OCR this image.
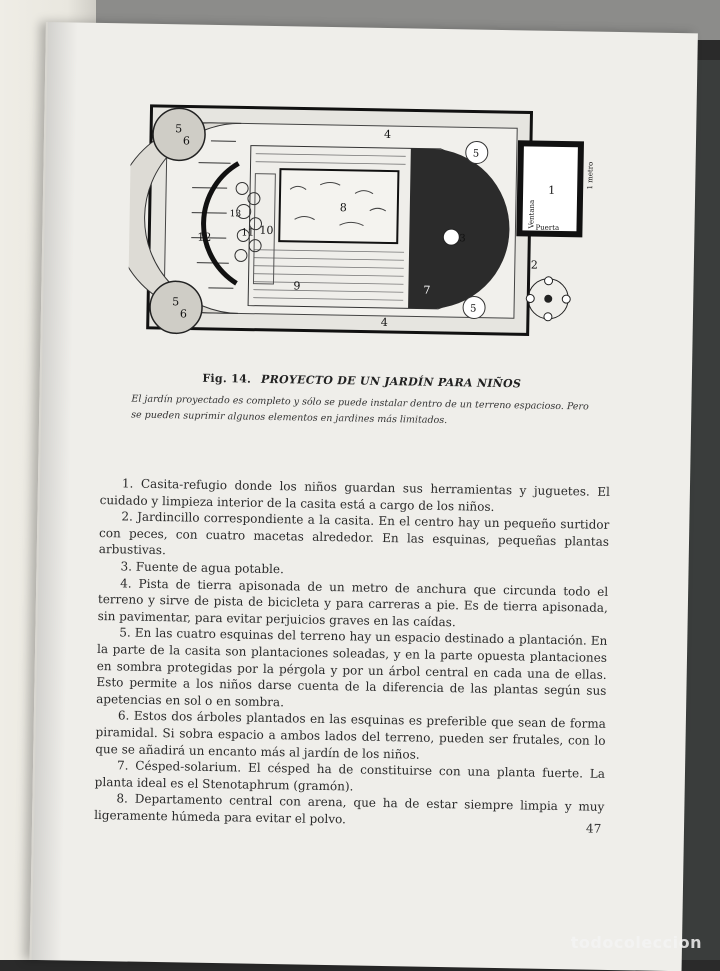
5
6
5
6
4
4
5
5
1
2
3
7
8
9
10
11
12
13	Ventana
1 metro
Puerta
Fig. 14. PROYECTO DE UN JARDÍN PARA NIÑOS
El jardín proyectado es completo y sólo se puede instalar dentro de un terreno espacioso. Pero se pueden suprimir algunos elementos en jardines más limitados.

1. Casita-refugio donde los niños guardan sus herramientas y juguetes. El cuidado y limpieza interior de la casita está a cargo de los niños.

2. Jardincillo correspondiente a la casita. En el centro hay un pequeño surtidor con peces, con cuatro macetas alrededor. En las esquinas, pequeñas plantas arbustivas.

3. Fuente de agua potable.

4. Pista de tierra apisonada de un metro de anchura que circunda todo el terreno y sirve de pista de bicicleta y para carreras a pie. Es de tierra apisonada, sin pavimentar, para evitar perjuicios graves en las caídas.

5. En las cuatro esquinas del terreno hay un espacio destinado a plantación. En la parte de la casita son plantaciones soleadas, y en la parte opuesta plantaciones en sombra protegidas por la pérgola y por un árbol central en cada una de ellas. Esto permite a los niños darse cuenta de la diferencia de las plantas según sus apetencias en sol o en sombra.

6. Estos dos árboles plantados en las esquinas es preferible que sean de forma piramidal. Si sobra espacio a ambos lados del terreno, pueden ser frutales, con lo que se añadirá un encanto más al jardín de los niños.

7. Césped-solarium. El césped ha de constituirse con una planta fuerte. La planta ideal es el Stenotaphrum (gramón).

8. Departamento central con arena, que ha de estar siempre limpia y muy ligeramente húmeda para evitar el polvo.

47
todocoleccion
